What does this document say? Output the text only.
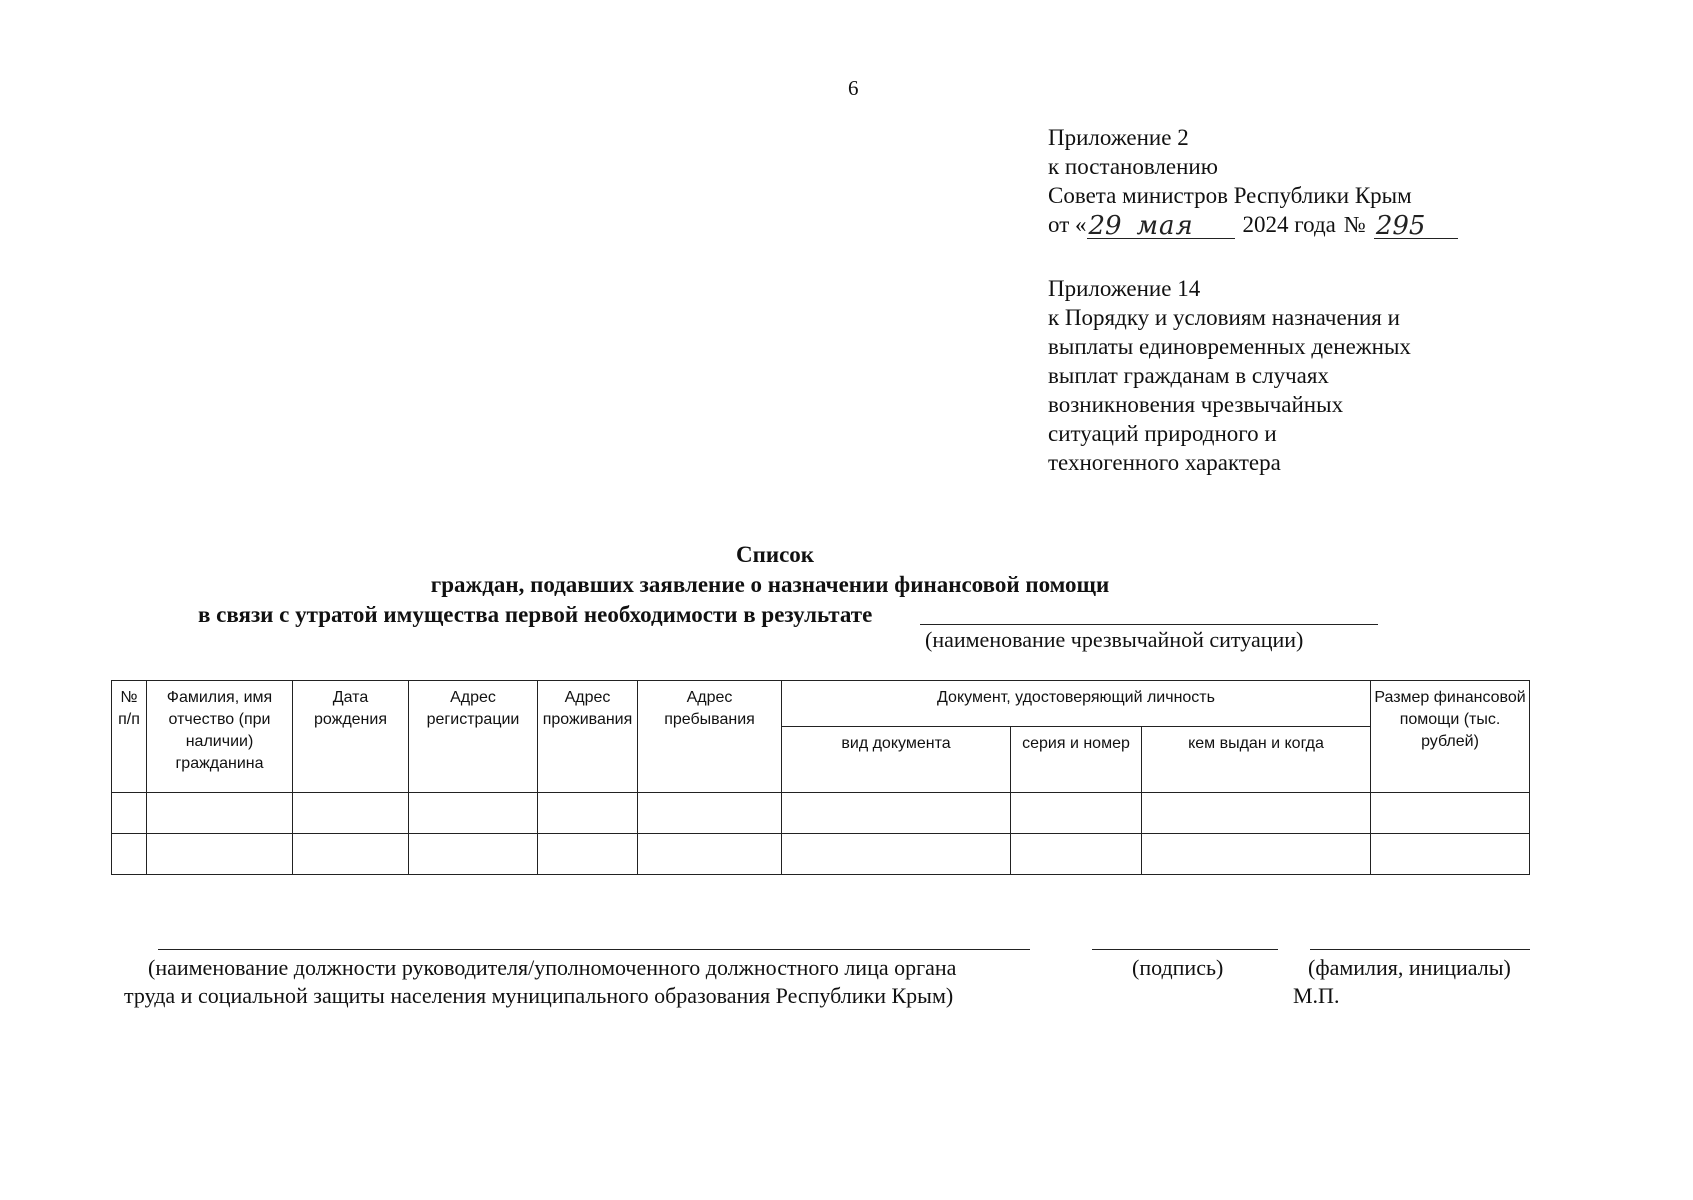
6
Приложение 2
к постановлению
Совета министров Республики Крым
от « 29 мая	2024 года № 295
Приложение 14
к Порядку и условиям назначения и
выплаты единовременных денежных
выплат гражданам в случаях
возникновения чрезвычайных
ситуаций природного и
техногенного характера
Список
граждан, подавших заявление о назначении финансовой помощи
в связи с утратой имущества первой необходимости в результате
(наименование чрезвычайной ситуации)
№ п/п	Фамилия, имя отчество (при наличии) гражданина	Дата рождения	Адрес регистрации	Адрес проживания	Адрес пребывания	Документ, удостоверяющий личность			Размер финансовой помощи (тыс. рублей)
						вид документа	серия и номер	кем выдан и когда	

(наименование должности руководителя/уполномоченного должностного лица органа
труда и социальной защиты населения муниципального образования Республики Крым)
(подпись)	(фамилия, инициалы)
М.П.
